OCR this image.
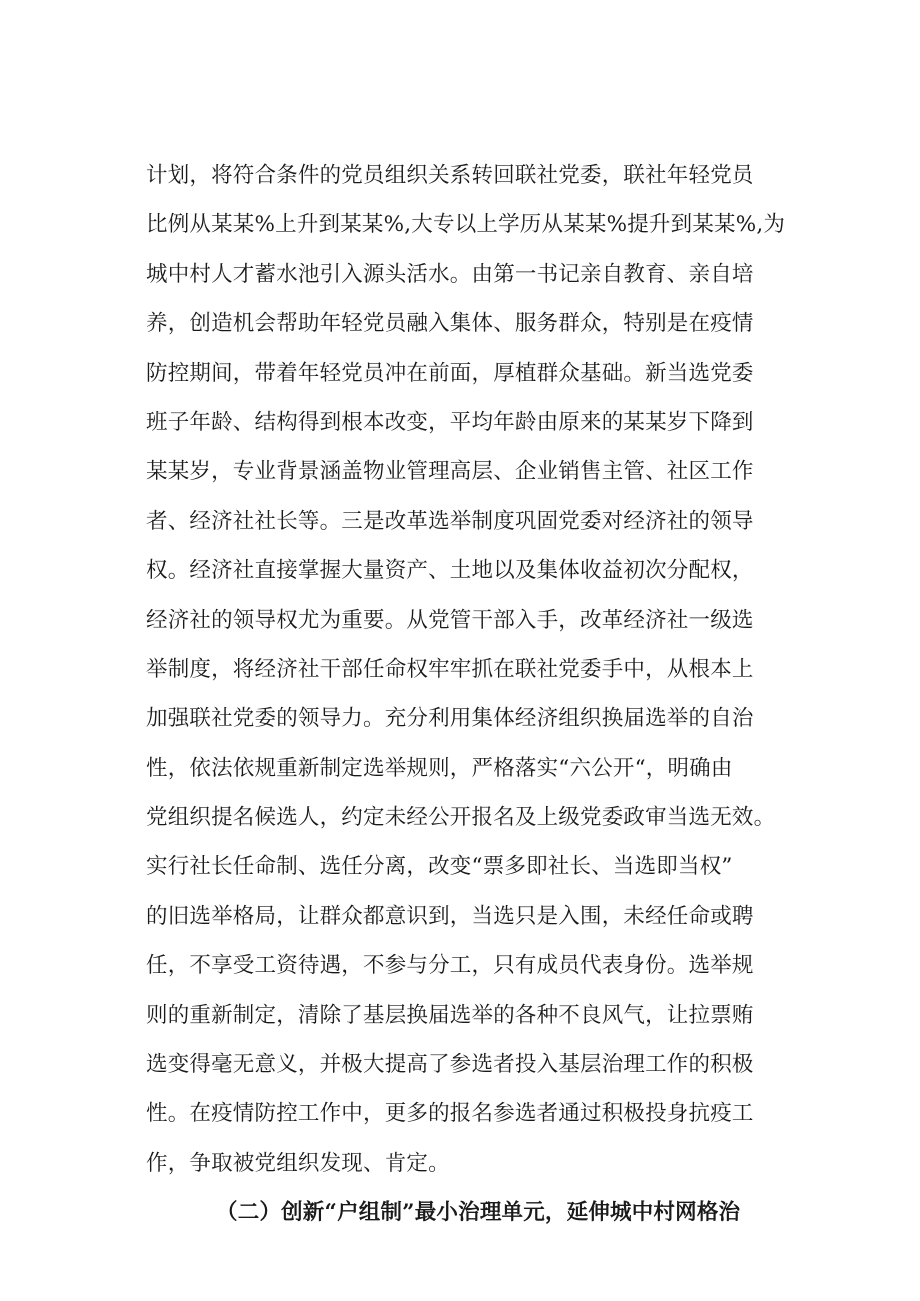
计划，将符合条件的党员组织关系转回联社党委，联社年轻党员
比例从某某%上升到某某%,大专以上学历从某某%提升到某某%,为
城中村人才蓄水池引入源头活水。由第一书记亲自教育、亲自培
养，创造机会帮助年轻党员融入集体、服务群众，特别是在疫情
防控期间，带着年轻党员冲在前面，厚植群众基础。新当选党委
班子年龄、结构得到根本改变，平均年龄由原来的某某岁下降到
某某岁，专业背景涵盖物业管理高层、企业销售主管、社区工作
者、经济社社长等。三是改革选举制度巩固党委对经济社的领导
权。经济社直接掌握大量资产、土地以及集体收益初次分配权，
经济社的领导权尤为重要。从党管干部入手，改革经济社一级选
举制度，将经济社干部任命权牢牢抓在联社党委手中，从根本上
加强联社党委的领导力。充分利用集体经济组织换届选举的自治
性，依法依规重新制定选举规则，严格落实“六公开“，明确由
党组织提名候选人，约定未经公开报名及上级党委政审当选无效。
实行社长任命制、选任分离，改变“票多即社长、当选即当权”
的旧选举格局，让群众都意识到，当选只是入围，未经任命或聘
任，不享受工资待遇，不参与分工，只有成员代表身份。选举规
则的重新制定，清除了基层换届选举的各种不良风气，让拉票贿
选变得毫无意义，并极大提高了参选者投入基层治理工作的积极
性。在疫情防控工作中，更多的报名参选者通过积极投身抗疫工
作，争取被党组织发现、肯定。
（二）创新“户组制”最小治理单元，延伸城中村网格治
